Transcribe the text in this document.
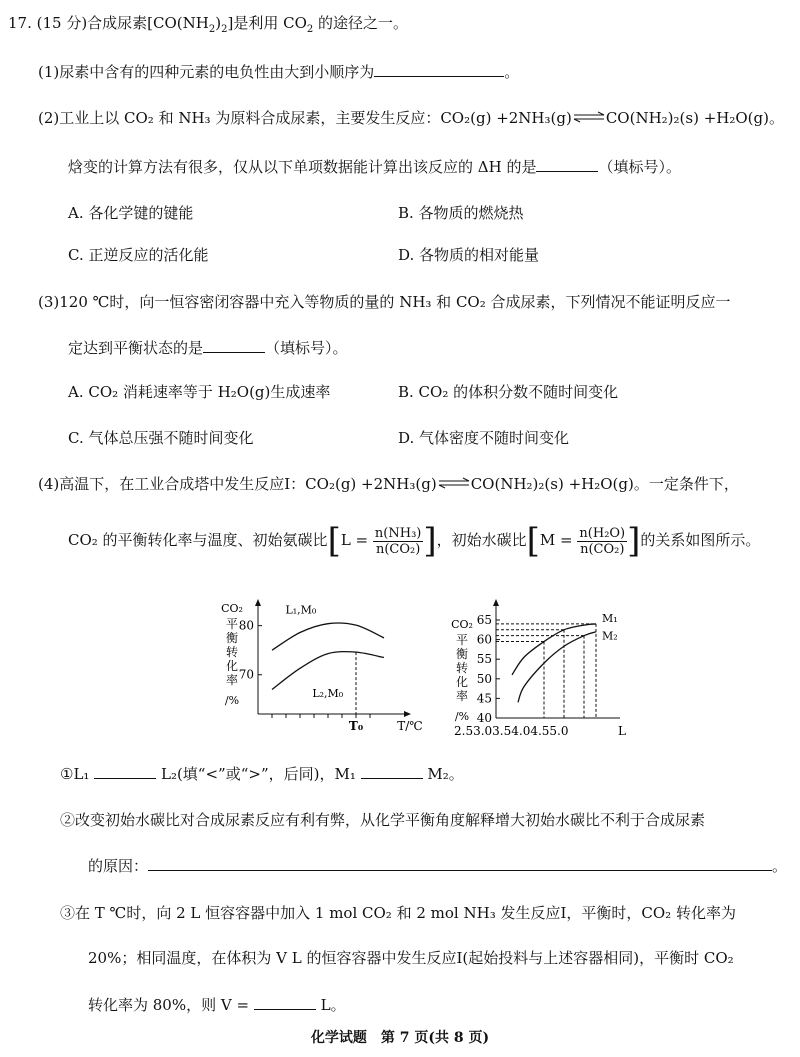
17. (15 分)合成尿素$[CO(NH_2)_2]$是利用 $CO_2$ 的途径之一。
(1)尿素中含有的四种元素的电负性由大到小顺序为	。
(2)工业上以 CO₂ 和 NH₃ 为原料合成尿素，主要发生反应：CO₂(g) +2NH₃(g)⇌CO(NH₂)₂(s) +H₂O(g)。
焓变的计算方法有很多，仅从以下单项数据能计算出该反应的 ΔH 的是	（填标号）。
A. 各化学键的键能	B. 各物质的燃烧热
C. 正逆反应的活化能	D. 各物质的相对能量
(3)120 ℃时，向一恒容密闭容器中充入等物质的量的 NH₃ 和 CO₂ 合成尿素，下列情况不能证明反应一
定达到平衡状态的是	（填标号）。
A. CO₂ 消耗速率等于 H₂O(g)生成速率	B. CO₂ 的体积分数不随时间变化
C. 气体总压强不随时间变化	D. 气体密度不随时间变化
(4)高温下，在工业合成塔中发生反应Ⅰ：CO₂(g) +2NH₃(g)⇌CO(NH₂)₂(s) +H₂O(g)。一定条件下，
CO₂ 的平衡转化率与温度、初始氨碳比[$L = \frac{\text{n(NH₃)}}{\text{n(CO₂)}}$ ]，初始水碳比[$M = \frac{\text{n(H₂O)}}{\text{n(CO₂)}}$ ]的关系如图所示。
80
70
CO₂
平
衡
转
化
率
/%
T₀	T/℃
L₁,M₀
L₂,M₀
65
60
55
50
45
40
CO₂
平
衡
转
化
率
/%
2.53.03.54.04.55.0	L
M₁
M₂
①L₁	L₂(填“<”或“>”，后同)，M₁	M₂。
②改变初始水碳比对合成尿素反应有利有弊，从化学平衡角度解释增大初始水碳比不利于合成尿素
的原因：	。
③在 T ℃时，向 2 L 恒容容器中加入 1 mol CO₂ 和 2 mol NH₃ 发生反应Ⅰ，平衡时，CO₂ 转化率为
20%；相同温度，在体积为 V L 的恒容容器中发生反应Ⅰ(起始投料与上述容器相同)，平衡时 CO₂
转化率为 80%，则 V =	L。
化学试题　第 7 页(共 8 页)
